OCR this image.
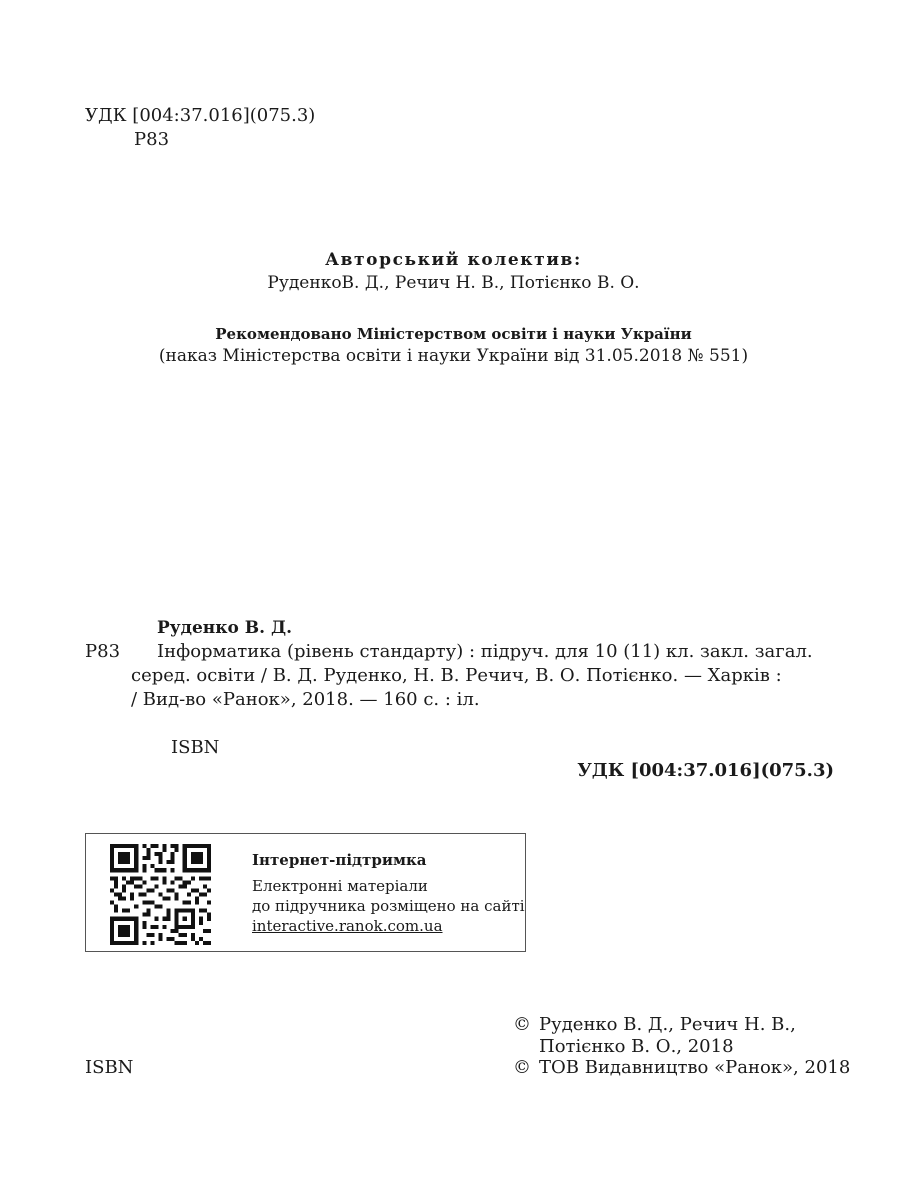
УДК [004:37.016](075.3)
Р83
Авторський колектив:
РуденкоВ. Д., Речич Н. В., Потієнко В. О.
Рекомендовано Міністерством освіти і науки України
(наказ Міністерства освіти і науки України від 31.05.2018 № 551)
Руденко В. Д.
Р83 Інформатика (рівень стандарту) : підруч. для 10 (11) кл. закл. загал.
серед. освіти / В. Д. Руденко, Н. В. Речич, В. О. Потієнко. — Харків :
/ Вид-во «Ранок», 2018. — 160 с. : іл.
ISBN
УДК [004:37.016](075.3)
Інтернет-підтримка
Електронні матеріали
до підручника розміщено на сайті
interactive.ranok.com.ua
ISBN
© Руденко В. Д., Речич Н. В.,
Потієнко В. О., 2018
© ТОВ Видавництво «Ранок», 2018
